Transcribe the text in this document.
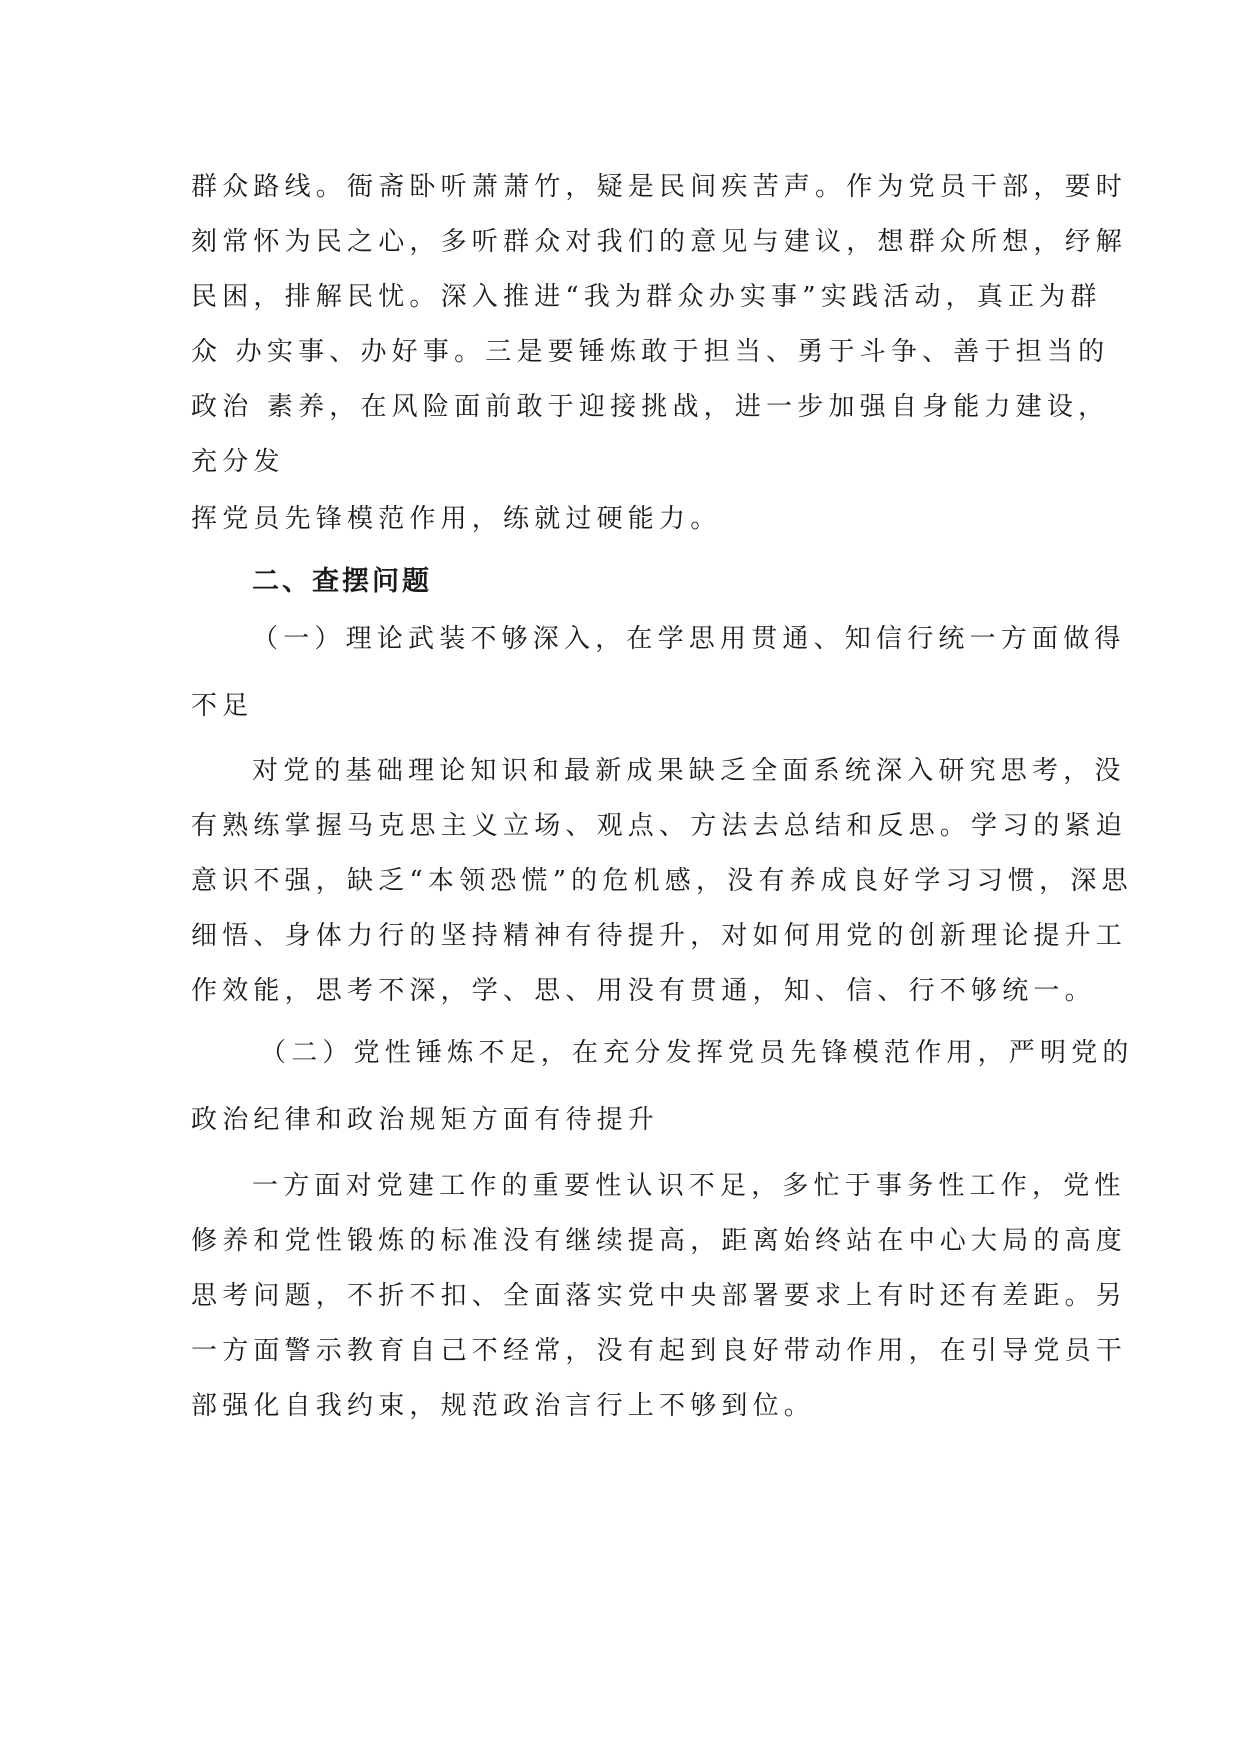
群众路线。衙斋卧听萧萧竹，疑是民间疾苦声。作为党员干部，要时
刻常怀为民之心，多听群众对我们的意见与建议，想群众所想，纾解
民困，排解民忧。深入推进“我为群众办实事”实践活动，真正为群
众 办实事、办好事。三是要锤炼敢于担当、勇于斗争、善于担当的
政治 素养，在风险面前敢于迎接挑战，进一步加强自身能力建设，
充分发
挥党员先锋模范作用，练就过硬能力。
二、查摆问题
（一）理论武装不够深入，在学思用贯通、知信行统一方面做得
不足
对党的基础理论知识和最新成果缺乏全面系统深入研究思考，没
有熟练掌握马克思主义立场、观点、方法去总结和反思。学习的紧迫
意识不强，缺乏“本领恐慌”的危机感，没有养成良好学习习惯，深思
细悟、身体力行的坚持精神有待提升，对如何用党的创新理论提升工
作效能，思考不深，学、思、用没有贯通，知、信、行不够统一。
（二）党性锤炼不足，在充分发挥党员先锋模范作用，严明党的
政治纪律和政治规矩方面有待提升
一方面对党建工作的重要性认识不足，多忙于事务性工作，党性
修养和党性锻炼的标准没有继续提高，距离始终站在中心大局的高度
思考问题，不折不扣、全面落实党中央部署要求上有时还有差距。另
一方面警示教育自己不经常，没有起到良好带动作用，在引导党员干
部强化自我约束，规范政治言行上不够到位。
